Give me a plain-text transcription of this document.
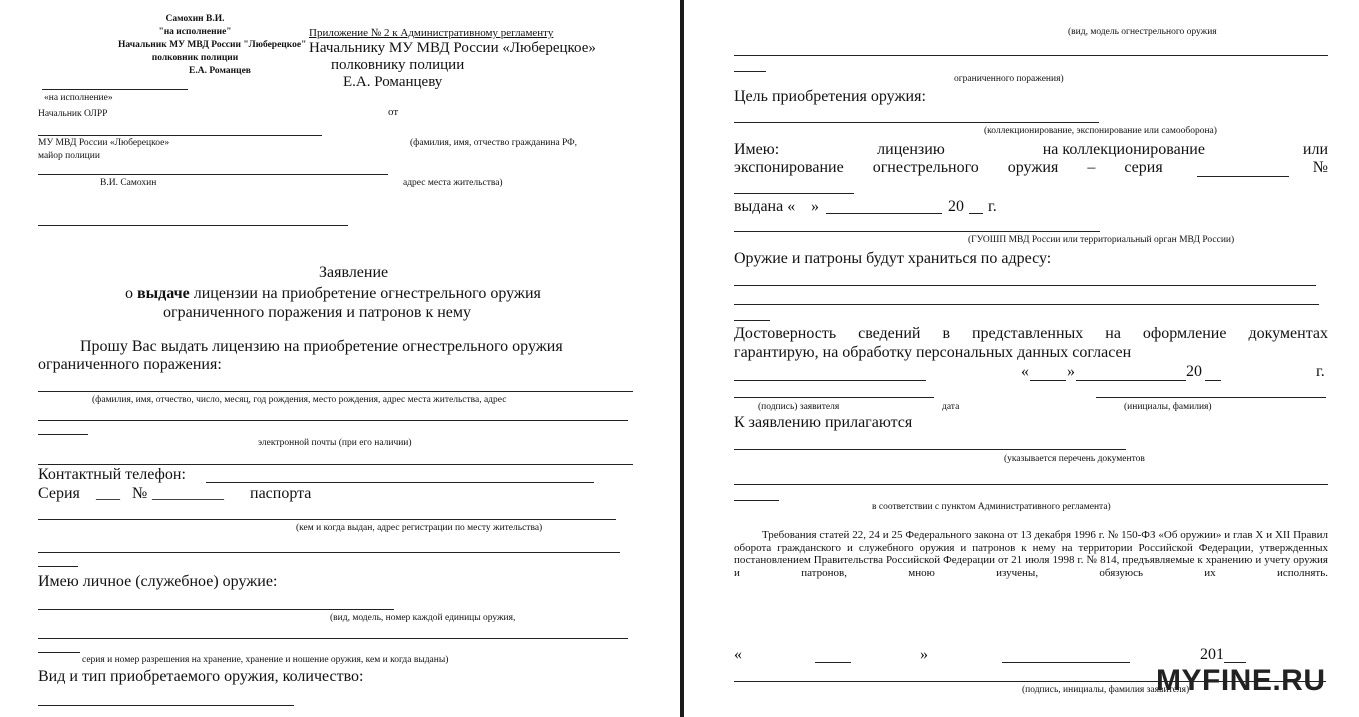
Самохин В.И.
"на исполнение"
Начальник МУ МВД России "Люберецкое"
полковник полиции
Е.А. Романцев
Приложение № 2 к Административному регламенту
Начальнику МУ МВД России «Люберецкое»
полковнику полиции
Е.А. Романцеву
«на исполнение»
Начальник ОЛРР	от
МУ МВД России «Люберецкое»	(фамилия, имя, отчество гражданина РФ,
майор полиции
В.И. Самохин	адрес места жительства)
Заявление
о выдаче лицензии на приобретение огнестрельного оружия
ограниченного поражения и патронов к нему
Прошу Вас выдать лицензию на приобретение огнестрельного оружия
ограниченного поражения:
(фамилия, имя, отчество, число, месяц, год рождения, место рождения, адрес места жительства, адрес
электронной почты (при его наличии)
Контактный телефон:
Серия ___ № _________ паспорта
(кем и когда выдан, адрес регистрации по месту жительства)
Имею личное (служебное) оружие:
(вид, модель, номер каждой единицы оружия,
серия и номер разрешения на хранение, хранение и ношение оружия, кем и когда выданы)
Вид и тип приобретаемого оружия, количество:
(вид, модель огнестрельного оружия
ограниченного поражения)
Цель приобретения оружия:
(коллекционирование, экспонирование или самооборона)
Имею:	лицензию	на коллекционирование	или
экспонирование огнестрельного оружия – серия	№
выдана « »	20 г.
(ГУОШП МВД России или территориальный орган МВД России)
Оружие и патроны будут храниться по адресу:
Достоверность сведений в представленных на оформление документах
гарантирую, на обработку персональных данных согласен
« »	20	г.
(подпись) заявителя	дата	(инициалы, фамилия)
К заявлению прилагаются
(указывается перечень документов
в соответствии с пунктом Административного регламента)
Требования статей 22, 24 и 25 Федерального закона от 13 декабря 1996 г. № 150-ФЗ «Об оружии» и глав X и XII Правил оборота гражданского и служебного оружия и патронов к нему на территории Российской Федерации, утвержденных постановлением Правительства Российской Федерации от 21 июля 1998 г. № 814, предъявляемые к хранению и учету оружия и патронов, мною изучены, обязуюсь их исполнять.
«	»	201
(подпись, инициалы, фамилия заявителя)
MYFINE.RU
